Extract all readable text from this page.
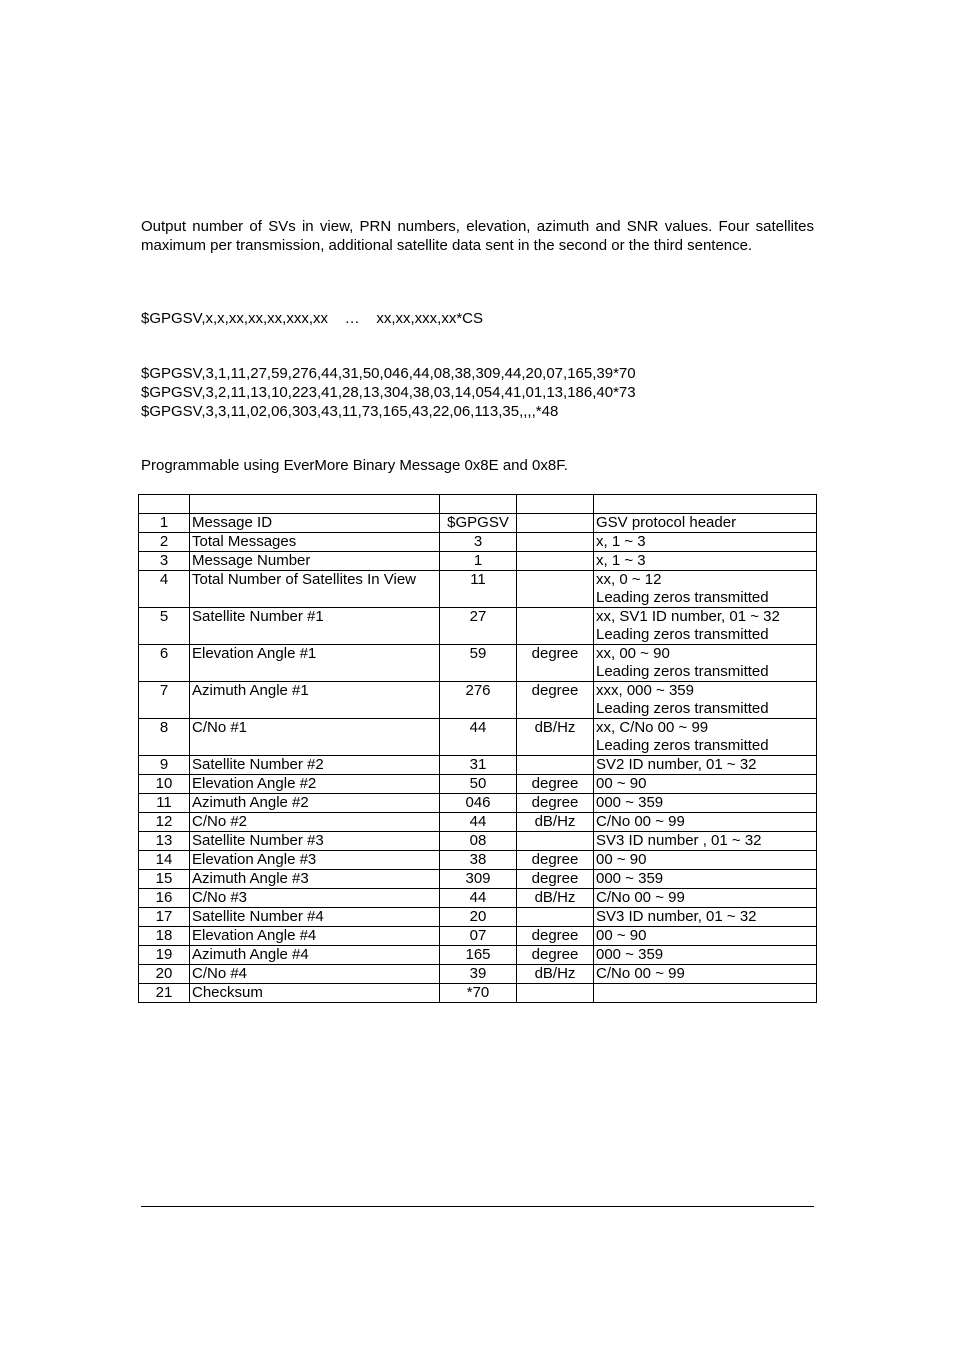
Output number of SVs in view, PRN numbers, elevation, azimuth and SNR values. Four satellites maximum per transmission, additional satellite data sent in the second or the third sentence.
$GPGSV,x,x,xx,xx,xx,xxx,xx    …    xx,xx,xxx,xx*CS
$GPGSV,3,1,11,27,59,276,44,31,50,046,44,08,38,309,44,20,07,165,39*70
$GPGSV,3,2,11,13,10,223,41,28,13,304,38,03,14,054,41,01,13,186,40*73
$GPGSV,3,3,11,02,06,303,43,11,73,165,43,22,06,113,35,,,,*48
Programmable using EverMore Binary Message 0x8E and 0x8F.

1	Message ID	$GPGSV		GSV protocol header

2	Total Messages	3		x, 1 ~ 3

3	Message Number	1		x, 1 ~ 3

4	Total Number of Satellites In View	11		xx, 0 ~ 12
Leading zeros transmitted

5	Satellite Number #1	27		xx, SV1 ID number, 01 ~ 32
Leading zeros transmitted

6	Elevation Angle #1	59	degree	xx, 00 ~ 90
Leading zeros transmitted

7	Azimuth Angle #1	276	degree	xxx, 000 ~ 359
Leading zeros transmitted

8	C/No #1	44	dB/Hz	xx, C/No 00 ~ 99
Leading zeros transmitted

9	Satellite Number #2	31		SV2 ID number, 01 ~ 32

10	Elevation Angle #2	50	degree	00 ~ 90

11	Azimuth Angle #2	046	degree	000 ~ 359

12	C/No #2	44	dB/Hz	C/No 00 ~ 99

13	Satellite Number #3	08		SV3 ID number , 01 ~ 32

14	Elevation Angle #3	38	degree	00 ~ 90

15	Azimuth Angle #3	309	degree	000 ~ 359

16	C/No #3	44	dB/Hz	C/No 00 ~ 99

17	Satellite Number #4	20		SV3 ID number, 01 ~ 32

18	Elevation Angle #4	07	degree	00 ~ 90

19	Azimuth Angle #4	165	degree	000 ~ 359

20	C/No #4	39	dB/Hz	C/No 00 ~ 99

21	Checksum	*70		
